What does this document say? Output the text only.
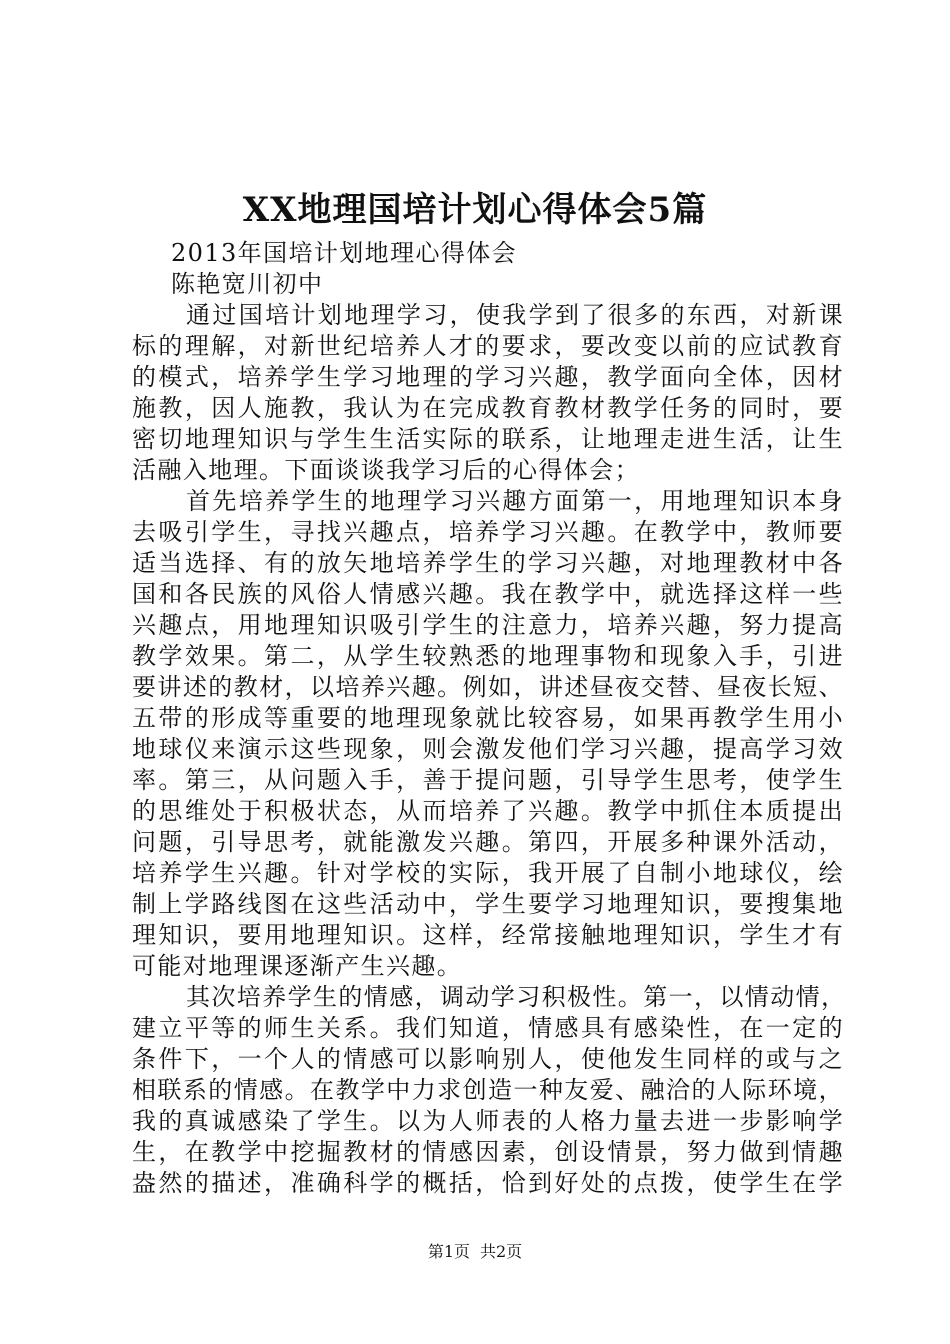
XX地理国培计划心得体会5篇
2013年国培计划地理心得体会
陈艳宽川初中
通过国培计划地理学习，使我学到了很多的东西，对新课
标的理解，对新世纪培养人才的要求，要改变以前的应试教育
的模式，培养学生学习地理的学习兴趣，教学面向全体，因材
施教，因人施教，我认为在完成教育教材教学任务的同时，要
密切地理知识与学生生活实际的联系，让地理走进生活，让生
活融入地理。下面谈谈我学习后的心得体会；
首先培养学生的地理学习兴趣方面第一，用地理知识本身
去吸引学生，寻找兴趣点，培养学习兴趣。在教学中，教师要
适当选择、有的放矢地培养学生的学习兴趣，对地理教材中各
国和各民族的风俗人情感兴趣。我在教学中，就选择这样一些
兴趣点，用地理知识吸引学生的注意力，培养兴趣，努力提高
教学效果。第二，从学生较熟悉的地理事物和现象入手，引进
要讲述的教材，以培养兴趣。例如，讲述昼夜交替、昼夜长短、
五带的形成等重要的地理现象就比较容易，如果再教学生用小
地球仪来演示这些现象，则会激发他们学习兴趣，提高学习效
率。第三，从问题入手，善于提问题，引导学生思考，使学生
的思维处于积极状态，从而培养了兴趣。教学中抓住本质提出
问题，引导思考，就能激发兴趣。第四，开展多种课外活动，
培养学生兴趣。针对学校的实际，我开展了自制小地球仪，绘
制上学路线图在这些活动中，学生要学习地理知识，要搜集地
理知识，要用地理知识。这样，经常接触地理知识，学生才有
可能对地理课逐渐产生兴趣。
其次培养学生的情感，调动学习积极性。第一，以情动情，
建立平等的师生关系。我们知道，情感具有感染性，在一定的
条件下，一个人的情感可以影响别人，使他发生同样的或与之
相联系的情感。在教学中力求创造一种友爱、融洽的人际环境，
我的真诚感染了学生。以为人师表的人格力量去进一步影响学
生，在教学中挖掘教材的情感因素，创设情景，努力做到情趣
盎然的描述，准确科学的概括，恰到好处的点拨，使学生在学
第1页 共2页
